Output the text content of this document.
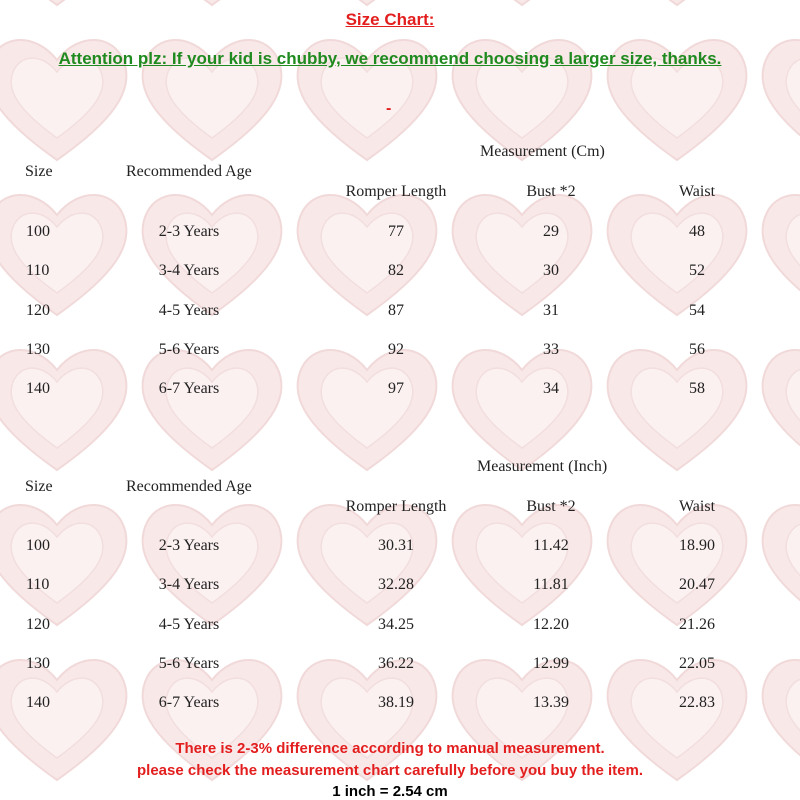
Size Chart:
Attention plz: If your kid is chubby, we recommend choosing a larger size, thanks.
-
Measurement (Cm)
Size	Recommended Age
Romper Length	Bust *2	Waist
100	2-3 Years	77	29	48
110	3-4 Years	82	30	52
120	4-5 Years	87	31	54
130	5-6 Years	92	33	56
140	6-7 Years	97	34	58
Measurement (Inch)
Size	Recommended Age
Romper Length	Bust *2	Waist
100	2-3 Years	30.31	11.42	18.90
110	3-4 Years	32.28	11.81	20.47
120	4-5 Years	34.25	12.20	21.26
130	5-6 Years	36.22	12.99	22.05
140	6-7 Years	38.19	13.39	22.83
There is 2-3% difference according to manual measurement.
please check the measurement chart carefully before you buy the item.
1 inch = 2.54 cm
